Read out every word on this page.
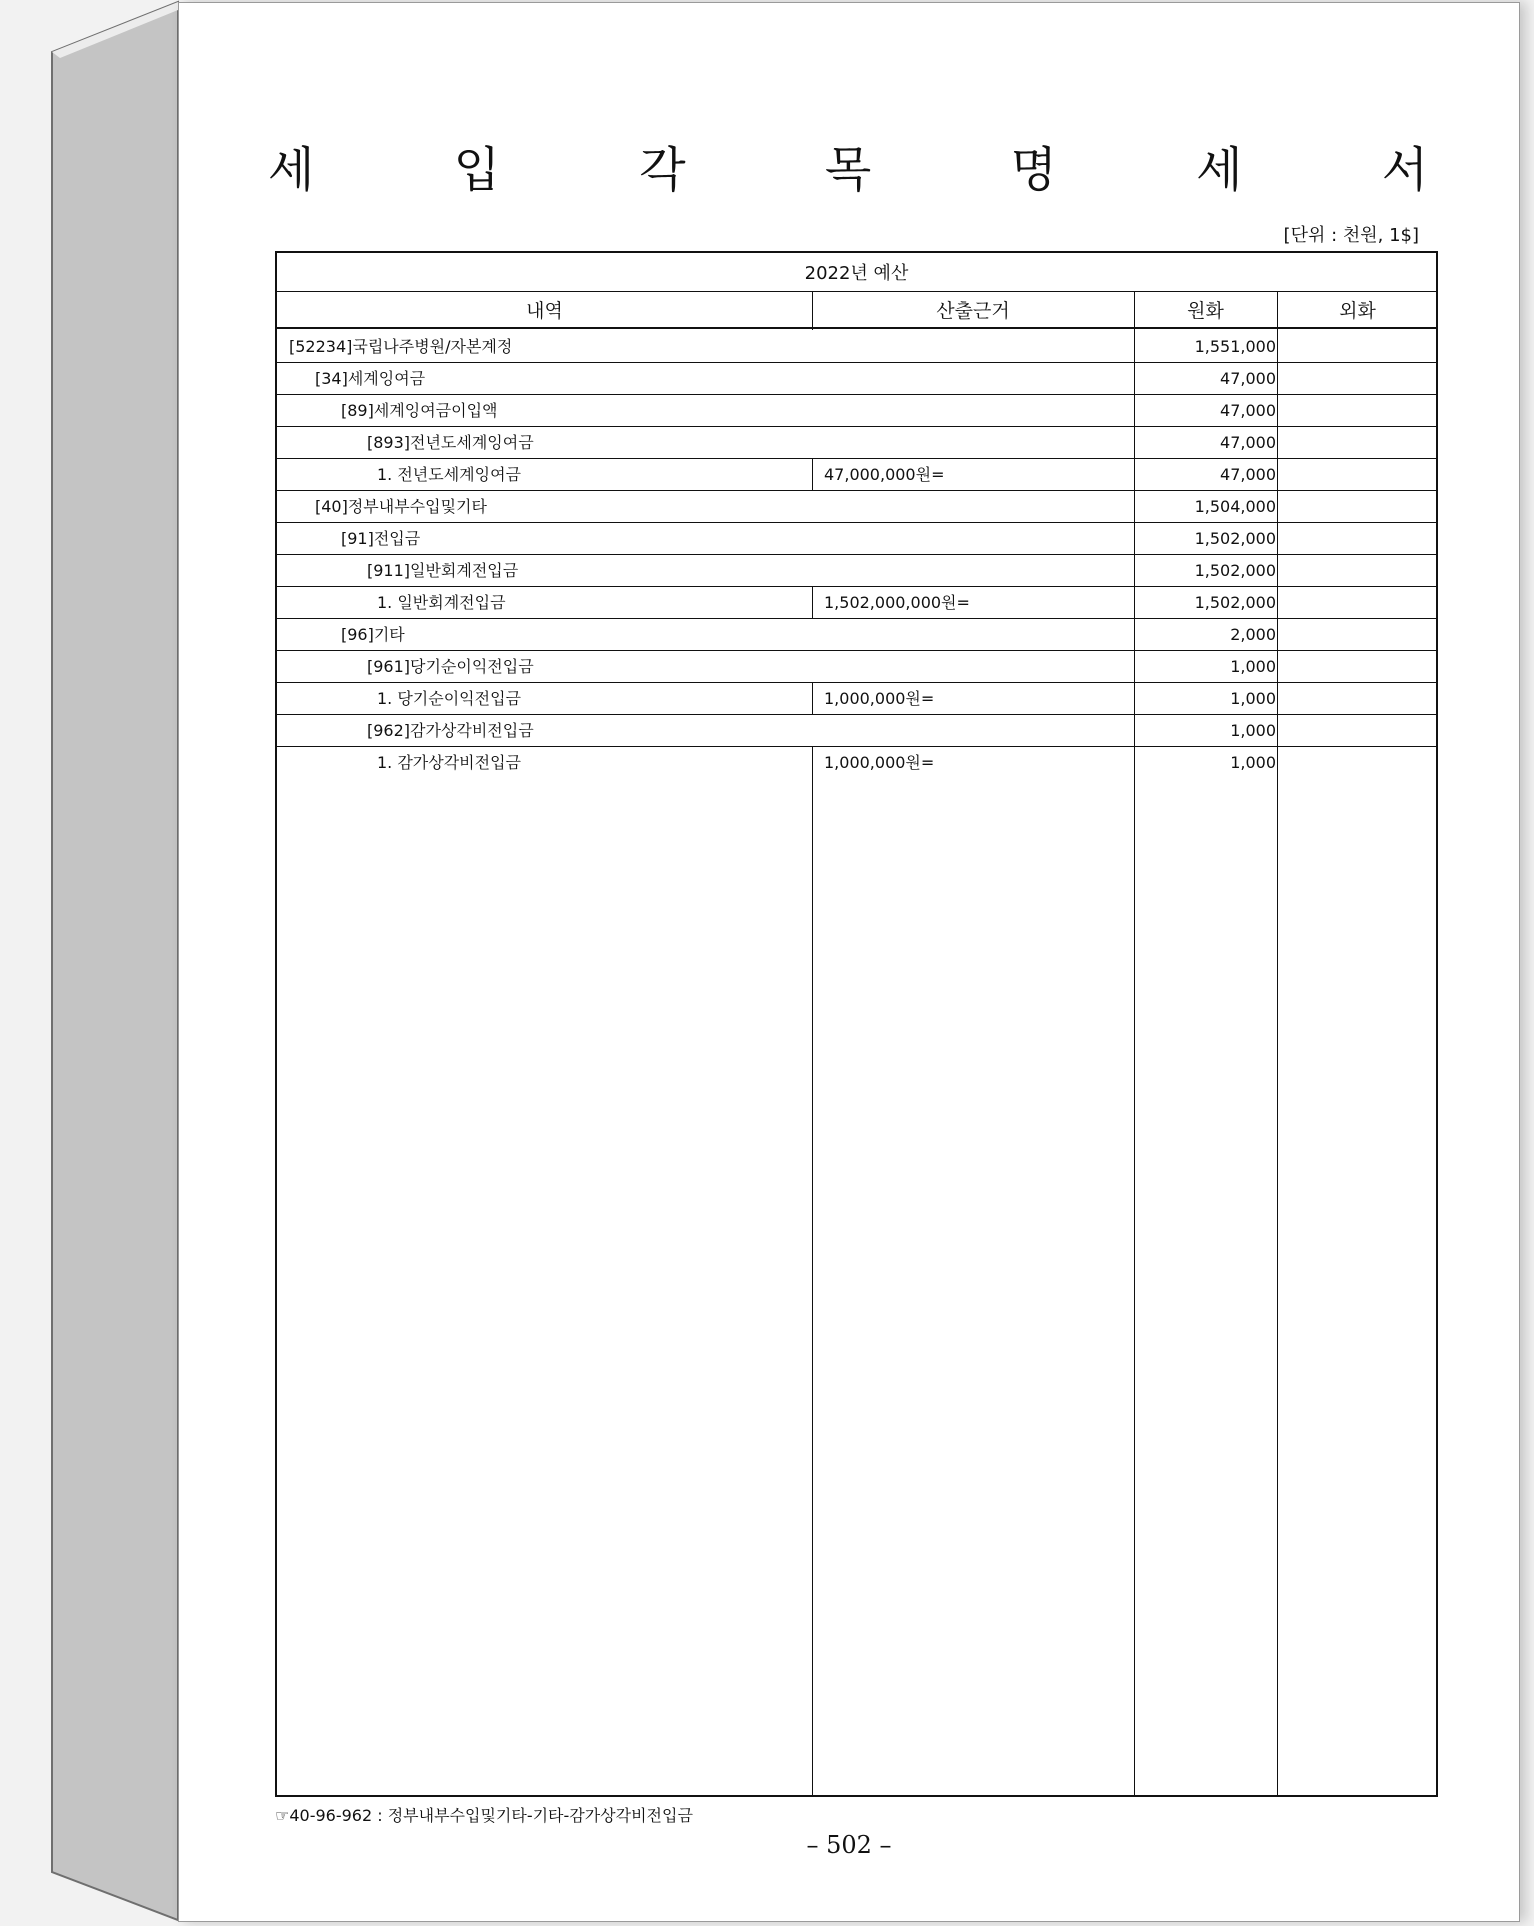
세 입 각 목 명 세 서
[단위 : 천원, 1$]
2022년 예산
내역	산출근거	원화	외화
[52234]국립나주병원/자본계정	1,551,000
[34]세계잉여금	47,000
[89]세계잉여금이입액	47,000
[893]전년도세계잉여금	47,000
1. 전년도세계잉여금	47,000,000원=	47,000
[40]정부내부수입및기타	1,504,000
[91]전입금	1,502,000
[911]일반회계전입금	1,502,000
1. 일반회계전입금	1,502,000,000원=	1,502,000
[96]기타	2,000
[961]당기순이익전입금	1,000
1. 당기순이익전입금	1,000,000원=	1,000
[962]감가상각비전입금	1,000
1. 감가상각비전입금	1,000,000원=	1,000
☞40-96-962 : 정부내부수입및기타-기타-감가상각비전입금
– 502 –
